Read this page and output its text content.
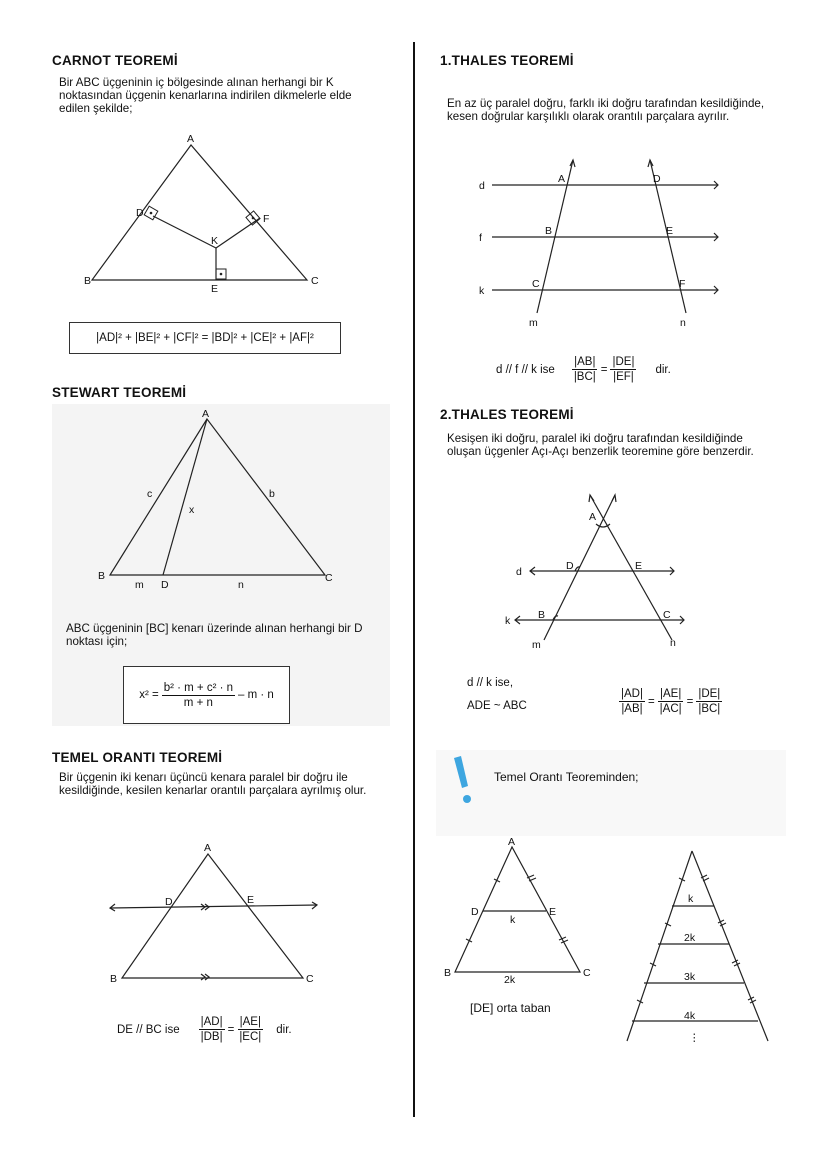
CARNOT TEOREMİ
Bir ABC üçgeninin iç bölgesinde alınan herhangi bir K noktasından üçgenin kenarlarına indirilen dikmelerle elde edilen şekilde;
A
D	F
K
B	C
E
|AD|² + |BE|² + |CF|² = |BD|² + |CE|² + |AF|²
STEWART TEOREMİ
A
B	C
D
c	b
x
m	n
ABC üçgeninin [BC] kenarı üzerinde alınan herhangi bir D noktası için;
$x^2 = \frac{\text{b² · m + c² · n}}{m + n} - m \cdot n$
TEMEL ORANTI TEOREMİ
Bir üçgenin iki kenarı üçüncü kenara paralel bir doğru ile kesildiğinde, kesilen kenarlar orantılı parçalara ayrılmış olur.
A
D	E
B	C
DE // BC ise $\frac{|AD|}{|DB|} = \frac{|AE|}{|EC|}$ dir.
1.THALES TEOREMİ
En az üç paralel doğru, farklı iki doğru tarafından kesildiğinde, kesen doğrular karşılıklı olarak orantılı parçalara ayrılır.
d
f
k
A
B
C
D
E
F
m	n
d // f // k ise $\frac{|AB|}{|BC|} = \frac{|DE|}{|EF|}$ dir.
2.THALES TEOREMİ
Kesişen iki doğru, paralel iki doğru tarafından kesildiğinde oluşan üçgenler Açı-Açı benzerlik teoremine göre benzerdir.
A
D	E
B	C
d
k
m	n
d // k ise,
ADE ~ ABC	$\frac{|AD|}{|AB|} = \frac{|AE|}{|AC|} = \frac{|DE|}{|BC|}$
Temel Orantı Teoreminden;
A
D	E
k
B	C
2k
[DE] orta taban
k
2k
3k
4k
⋮
